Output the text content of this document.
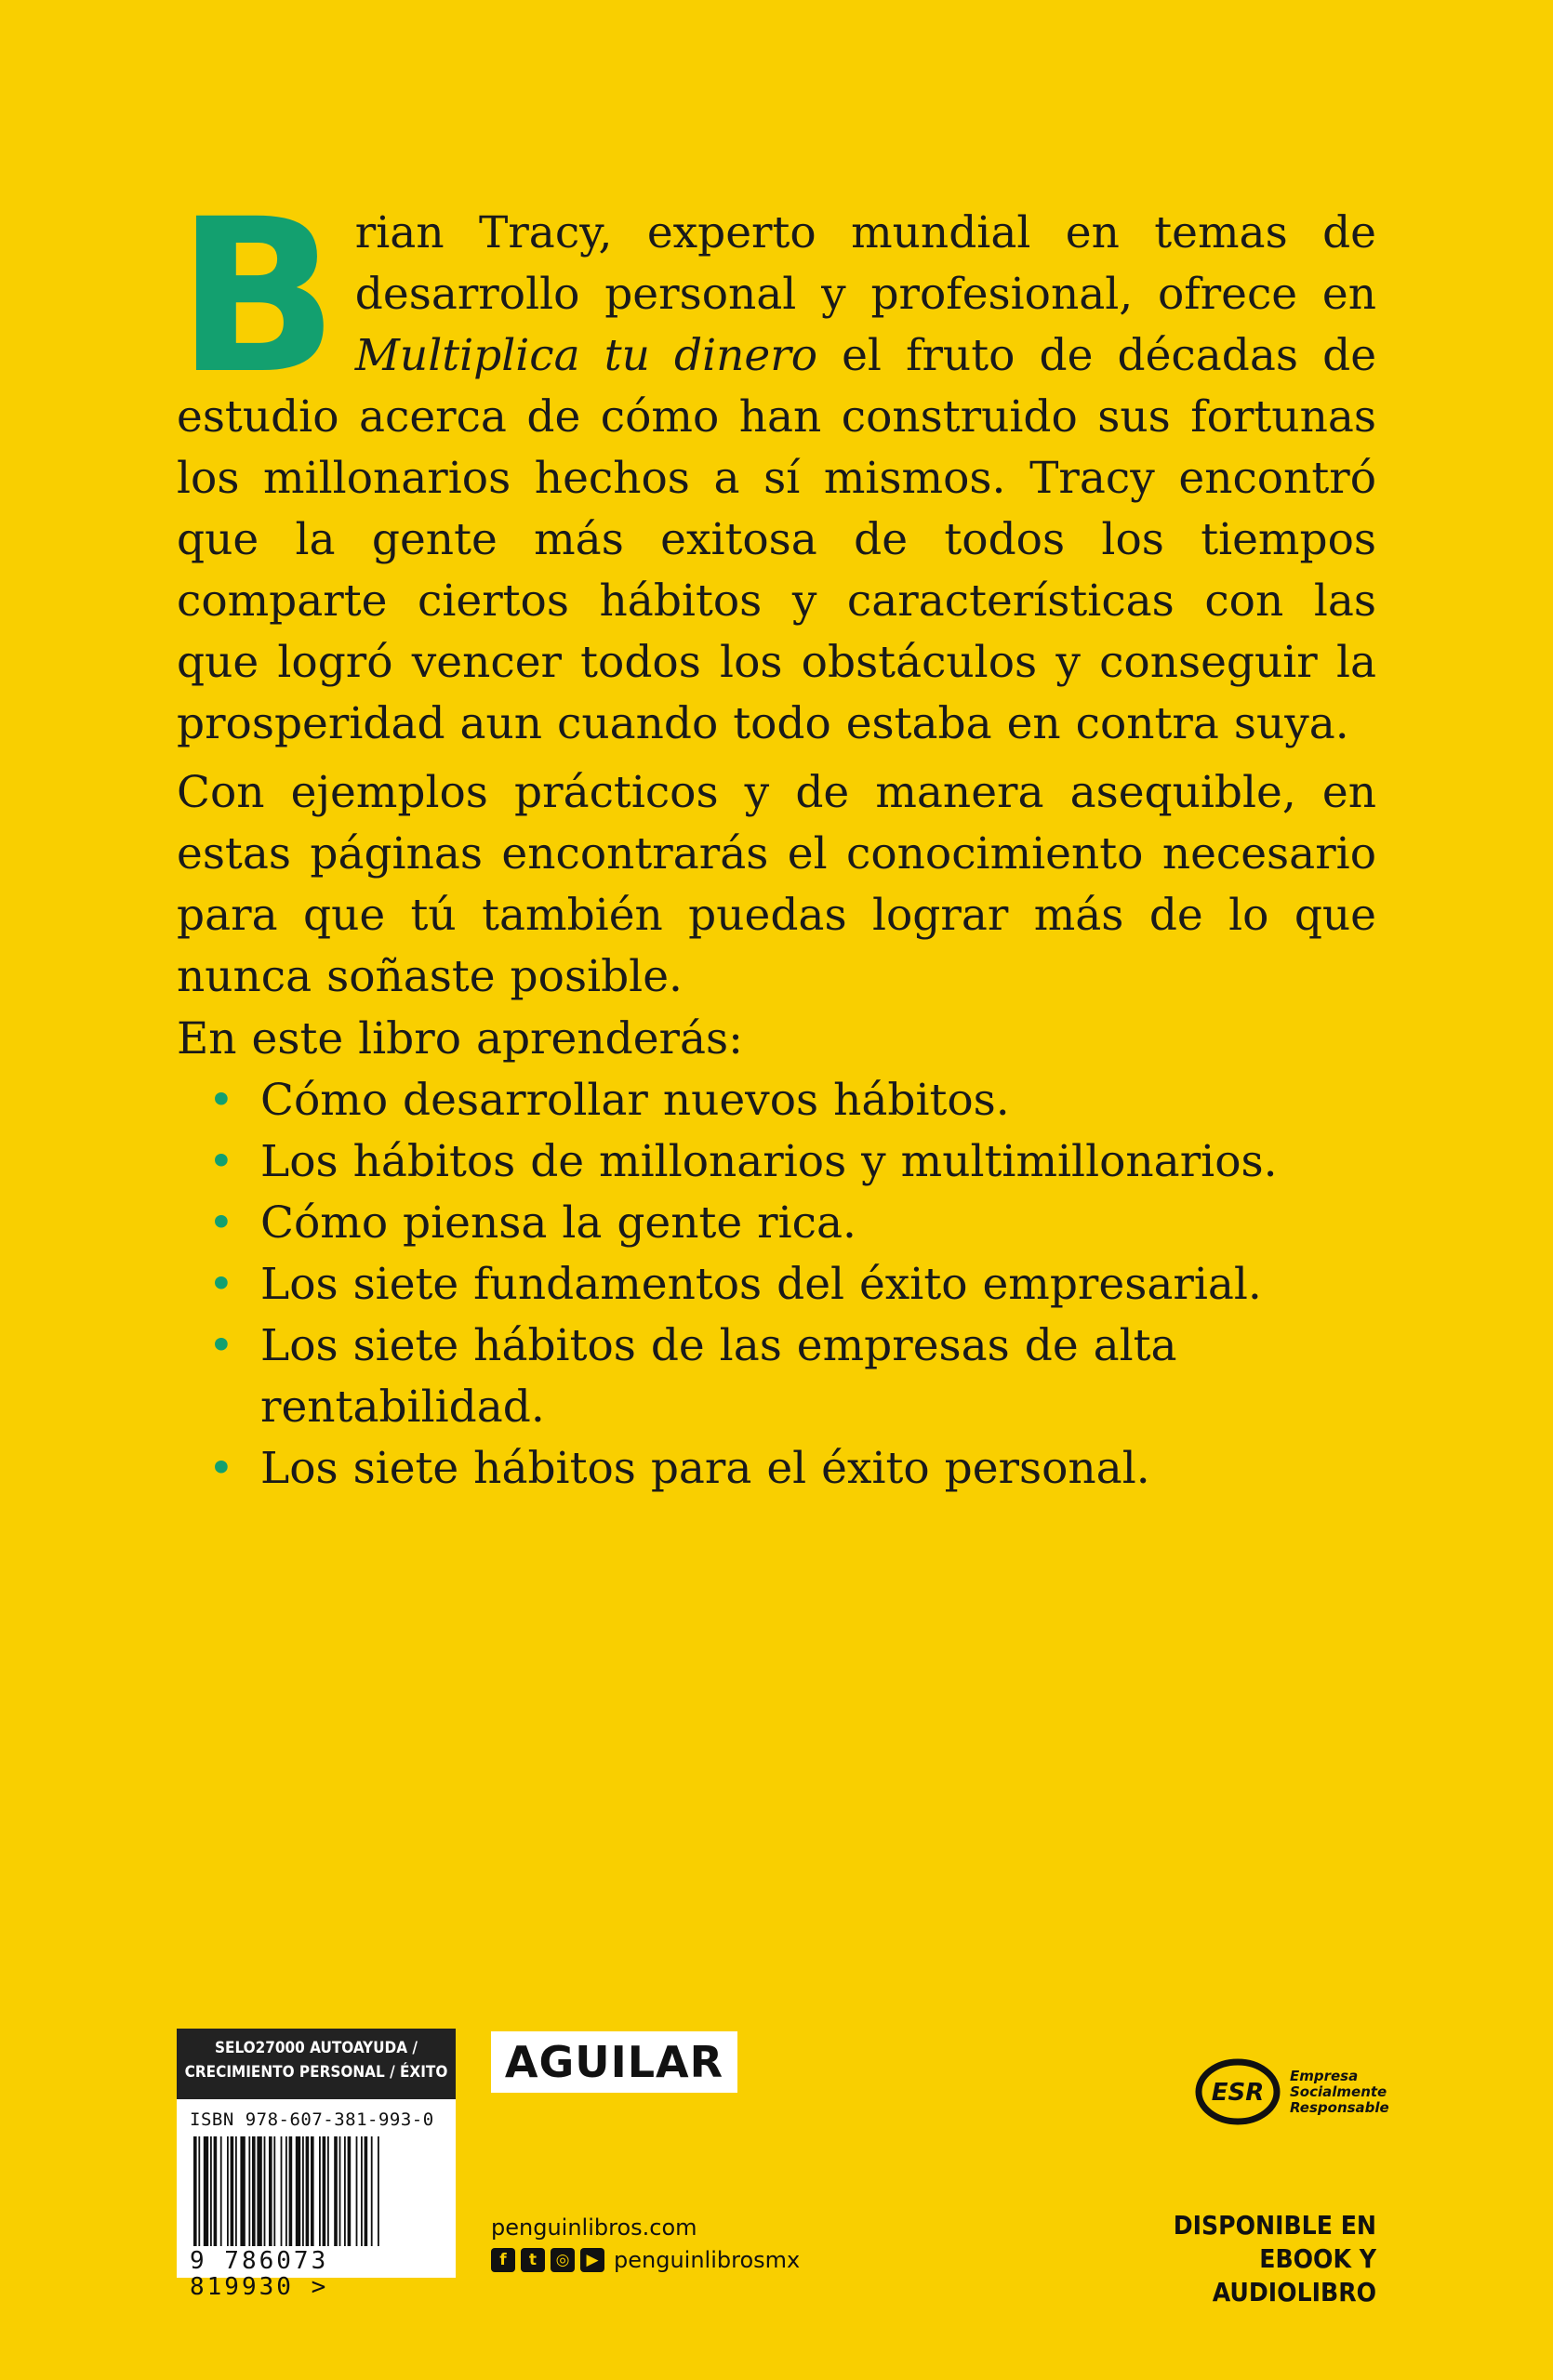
Brian Tracy, experto mundial en temas de desarrollo personal y profesional, ofrece en Multiplica tu dinero el fruto de décadas de estudio acerca de cómo han construido sus fortunas los millonarios hechos a sí mismos. Tracy encontró que la gente más exitosa de todos los tiempos comparte ciertos hábitos y características con las que logró vencer todos los obstáculos y conseguir la prosperidad aun cuando todo estaba en contra suya.
Con ejemplos prácticos y de manera asequible, en estas páginas encontrarás el conocimiento necesario para que tú también puedas lograr más de lo que nunca soñaste posible.

En este libro aprenderás:

• Cómo desarrollar nuevos hábitos.
• Los hábitos de millonarios y multimillonarios.
• Cómo piensa la gente rica.
• Los siete fundamentos del éxito empresarial.
• Los siete hábitos de las empresas de alta rentabilidad.
• Los siete hábitos para el éxito personal.
SELO27000 AUTOAYUDA /
CRECIMIENTO PERSONAL / ÉXITO
ISBN 978-607-381-993-0
9 786073 819930 >
AGUILAR
penguinlibros.com
f	t	◎	▶ penguinlibrosmx
ESR
Empresa
Socialmente
Responsable
DISPONIBLE EN
EBOOK Y AUDIOLIBRO
